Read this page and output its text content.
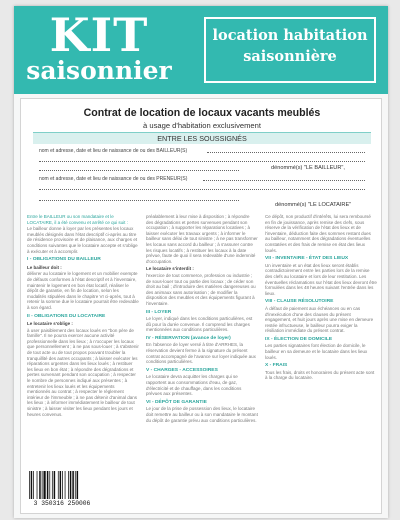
KIT
saisonnier
location habitation
saisonnière
Contrat de location de locaux vacants meublés
à usage d'habitation exclusivement
ENTRE LES SOUSSIGNÉS
nom et adresse, date et lieu de naissance de ou des BAILLEUR(S)
dénommé(s) "LE BAILLEUR",
nom et adresse, date et lieu de naissance de ou des PRENEUR(S)
dénommé(s) "LE LOCATAIRE"

Entre le BAILLEUR ou son mandataire et le LOCATAIRE, il a été convenu et arrêté ce qui suit :

Le bailleur donne à loyer par les présentes les locaux meublés désignés dans l'état descriptif ci-après au titre de résidence provisoire et de plaisance, aux charges et conditions suivantes que le locataire accepte et s'oblige à exécuter et à accomplir.

I - OBLIGATIONS DU BAILLEUR

Le bailleur doit :

délivrer au locataire le logement et un mobilier exempte de défauts conformes à l'état descriptif et à l'inventaire, maintenir le logement en bon état locatif, réaliser le dépôt de garantie, en fin de location, selon les modalités stipulées dans le chapitre VI ci-après, tout à retenir la somme due le locataire pourrait être redevable à son égard.

II - OBLIGATIONS DU LOCATAIRE

Le locataire s'oblige :

à user paisiblement des locaux loués en "bon père de famille". Il ne pourra exercer aucune activité professionnelle dans les lieux ; à n'occuper les locaux que personnellement ; à ne pas sous-louer ; à s'abstenir de tout acte ou de tout propos pouvant troubler la tranquillité des autres occupants ; à laisser exécuter les réparations urgentes dans les lieux loués ; à restituer les lieux en bon état ; à répondre des dégradations et pertes survenant pendant son occupation ; à respecter le nombre de personnes indiqué aux présentes ; à entretenir les lieux loués et les équipements mentionnés au contrat ; à respecter le règlement intérieur de l'immeuble ; à ne pas détenir d'animal dans les lieux ; à informer immédiatement le bailleur de tout sinistre ; à laisser visiter les lieux pendant les jours et heures convenus.

préalablement à leur mise à disposition ; à répondre des dégradations et pertes survenues pendant son occupation ; à supporter les réparations locatives ; à laisser exécuter les travaux urgents ; à informer le bailleur sans délai de tout sinistre ; à ne pas transformer les locaux sans accord du bailleur ; à s'assurer contre les risques locatifs ; à restituer les locaux à la date prévue, faute de quoi il sera redevable d'une indemnité d'occupation.

Le locataire s'interdit :

l'exercice de tout commerce, profession ou industrie ; de sous-louer tout ou partie des locaux ; de céder son droit au bail ; d'introduire des matières dangereuses ou des animaux sans autorisation ; de modifier la disposition des meubles et des équipements figurant à l'inventaire.

III - LOYER

Le loyer, indiqué dans les conditions particulières, est dû pour la durée convenue. Il comprend les charges mentionnées aux conditions particulières.

IV - RÉSERVATION (avance de loyer)

En l'absence de loyer versé à titre d'ARRHES, la réservation devient ferme à la signature du présent contrat accompagné de l'avance sur loyer indiquée aux conditions particulières.

V - CHARGES - ACCESSOIRES

Le locataire devra acquitter les charges qui se rapportent aux consommations d'eau, de gaz, d'électricité et de chauffage, dans les conditions prévues aux présentes.

VI - DÉPÔT DE GARANTIE

Le jour de la prise de possession des lieux, le locataire doit remettre au bailleur ou à son mandataire le montant du dépôt de garantie prévu aux conditions particulières.

Ce dépôt, non productif d'intérêts, lui sera remboursé en fin de jouissance, après remise des clefs, sous réserve de la vérification de l'état des lieux et de l'inventaire, déduction faite des sommes restant dues au bailleur, notamment des dégradations éventuelles constatées et des frais de remise en état des lieux loués.

VII - INVENTAIRE - ÉTAT DES LIEUX

Un inventaire et un état des lieux seront établis contradictoirement entre les parties lors de la remise des clefs au locataire et lors de leur restitution. Les éventuelles réclamations sur l'état des lieux devront être formulées dans les 48 heures suivant l'entrée dans les lieux.

VIII - CLAUSE RÉSOLUTOIRE

À défaut de paiement aux échéances ou en cas d'inexécution d'une des clauses du présent engagement, et huit jours après une mise en demeure restée infructueuse, le bailleur pourra exiger la résiliation immédiate du présent contrat.

IX - ÉLECTION DE DOMICILE

Les parties signataires font élection de domicile, le bailleur en sa demeure et le locataire dans les lieux loués.

X - FRAIS

Tous les frais, droits et honoraires du présent acte sont à la charge du locataire.

3 350316 250006
